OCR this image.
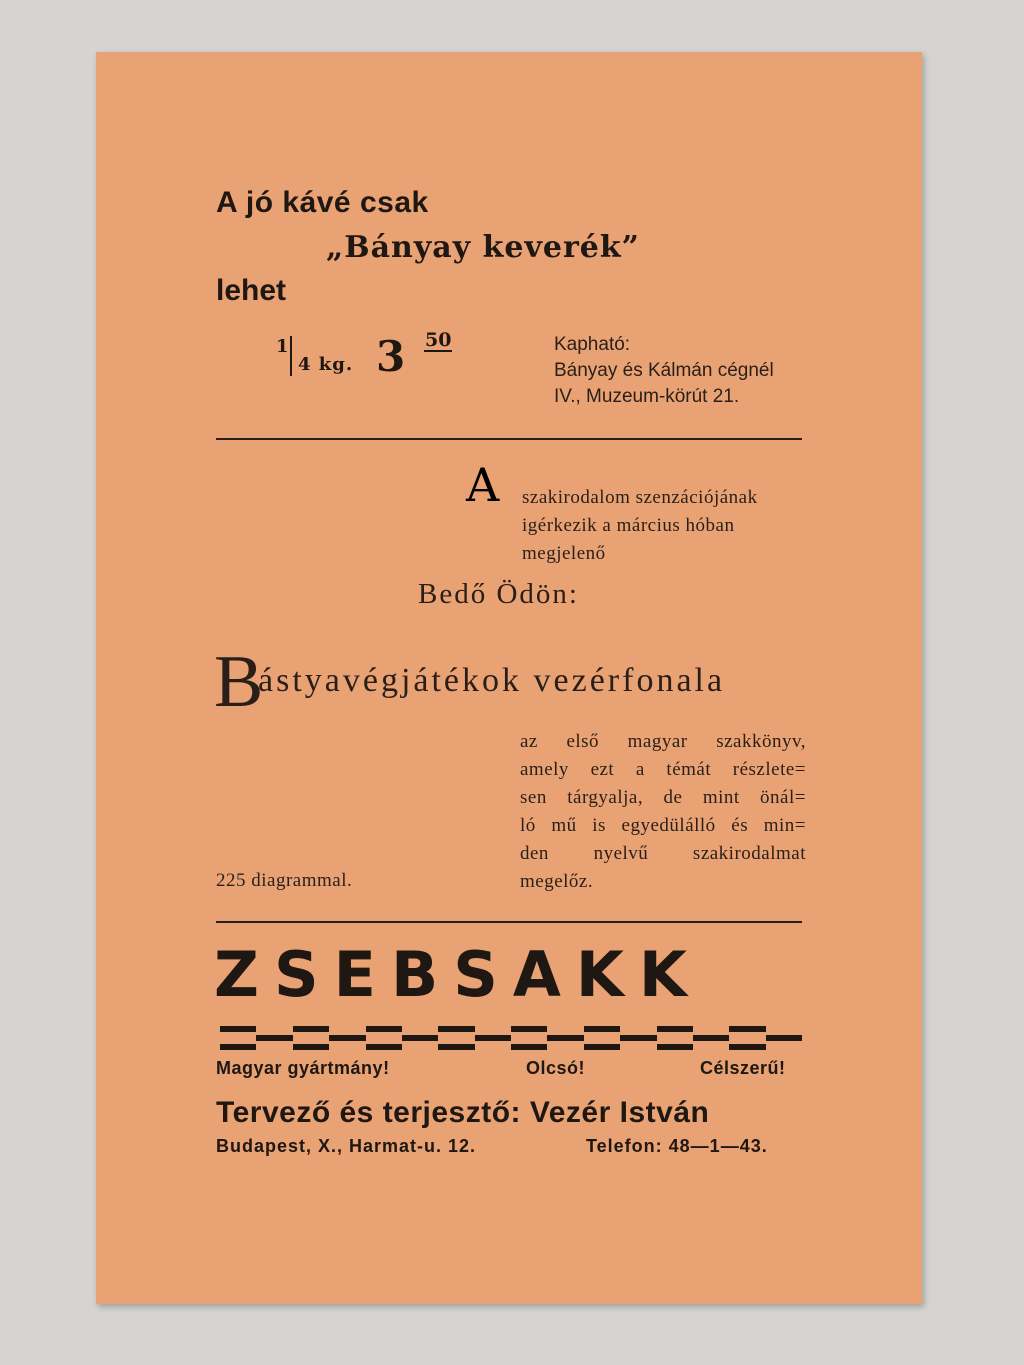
A jó kávé csak
„Bányay keverék”
lehet
1
4 kg. 3 50	Kapható:
Bányay és Kálmán cégnél
IV., Muzeum-körút 21.
A szakirodalom szenzációjának
igérkezik a március hóban
megjelenő
Bedő Ödön:
B
ástyavégjátékok vezérfonala
az első magyar szakkönyv,
amely ezt a témát részlete=
sen tárgyalja, de mint önál=
ló mű is egyedülálló és min=
den nyelvű szakirodalmat
megelőz.
225 diagrammal.
ZSEBSAKK
Magyar gyártmány!	Olcsó!	Célszerű!
Tervező és terjesztő: Vezér István
Budapest, X., Harmat-u. 12.	Telefon: 48—1—43.
